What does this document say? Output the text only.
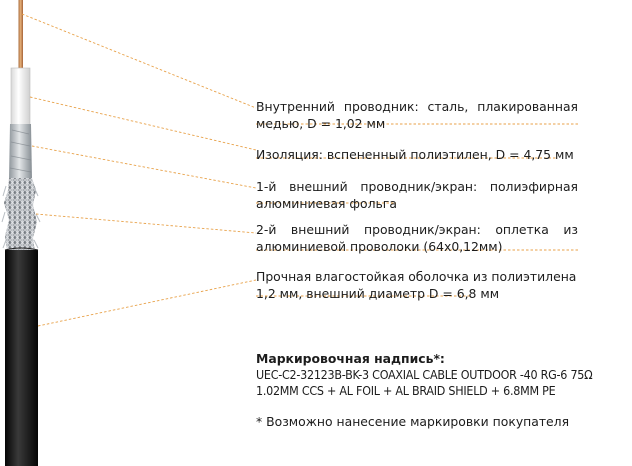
Внутренний проводник: сталь, плакированная медью, D = 1,02 мм
Изоляция: вспененный полиэтилен, D = 4,75 мм
1-й внешний проводник/экран: полиэфирная алюминиевая фольга
2-й внешний проводник/экран: оплетка из алюминиевой проволоки (64x0,12мм)
Прочная влагостойкая оболочка из полиэтилена 1,2 мм, внешний диаметр D = 6,8 мм
Маркировочная надпись*:
UEC-C2-32123B-BK-3 COAXIAL CABLE OUTDOOR -40 RG-6 75Ω
1.02MM CCS + AL FOIL + AL BRAID SHIELD + 6.8MM PE
* Возможно нанесение маркировки покупателя
